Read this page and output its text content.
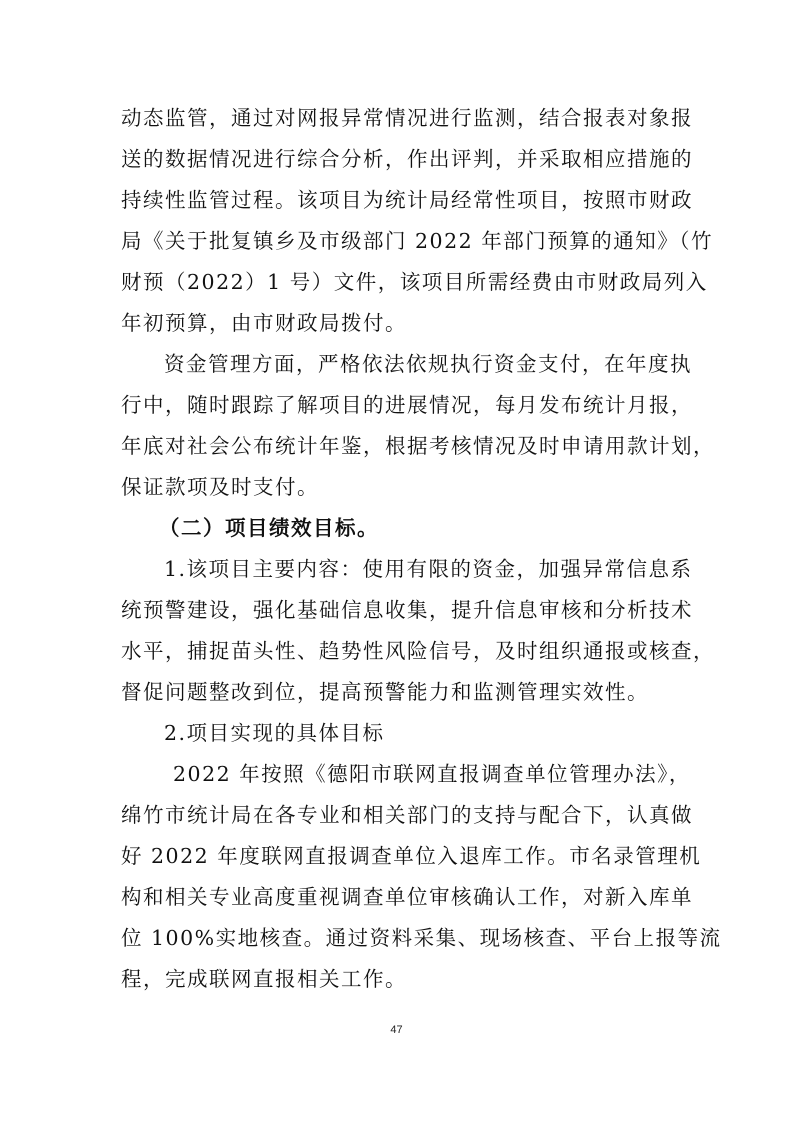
动态监管，通过对网报异常情况进行监测，结合报表对象报
送的数据情况进行综合分析，作出评判，并采取相应措施的
持续性监管过程。该项目为统计局经常性项目，按照市财政
局《关于批复镇乡及市级部门 2022 年部门预算的通知》（竹
财预（2022）1 号）文件，该项目所需经费由市财政局列入
年初预算，由市财政局拨付。
资金管理方面，严格依法依规执行资金支付，在年度执
行中，随时跟踪了解项目的进展情况，每月发布统计月报，
年底对社会公布统计年鉴，根据考核情况及时申请用款计划，
保证款项及时支付。
（二）项目绩效目标。
1.该项目主要内容：使用有限的资金，加强异常信息系
统预警建设，强化基础信息收集，提升信息审核和分析技术
水平，捕捉苗头性、趋势性风险信号，及时组织通报或核查，
督促问题整改到位，提高预警能力和监测管理实效性。
2.项目实现的具体目标
2022 年按照《德阳市联网直报调查单位管理办法》，
绵竹市统计局在各专业和相关部门的支持与配合下，认真做
好 2022 年度联网直报调查单位入退库工作。市名录管理机
构和相关专业高度重视调查单位审核确认工作，对新入库单
位 100%实地核查。通过资料采集、现场核查、平台上报等流
程，完成联网直报相关工作。
47
